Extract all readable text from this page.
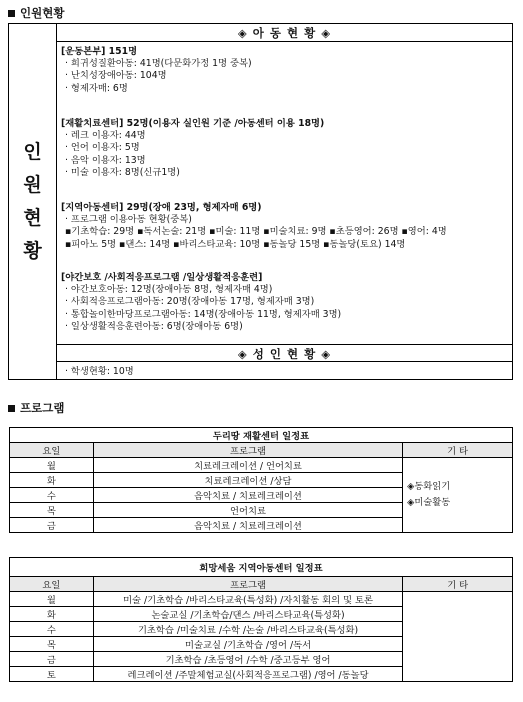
인원현황
인
원
현
황
◈ 아 동 현 황 ◈
[운동본부] 151명
· 희귀성질환아동: 41명(다문화가정 1명 중복)
· 난치성장애아동: 104명
· 형제자매: 6명
[재활치료센터] 52명(이용자 실인원 기준 /아동센터 이용 18명)
· 레크 이용자: 44명
· 언어 이용자: 5명
· 음악 이용자: 13명
· 미술 이용자: 8명(신규1명)
[지역아동센터] 29명(장애 23명, 형제자매 6명)
· 프로그램 이용아동 현황(중복)
▪기초학습: 29명 ▪독서논술: 21명 ▪미술: 11명 ▪미술치료: 9명 ▪초등영어: 26명 ▪영어: 4명
▪피아노 5명 ▪댄스: 14명 ▪바리스타교육: 10명 ▪동놀당 15명 ▪동놀당(토요) 14명
[야간보호 /사회적응프로그램 /일상생활적응훈련]
· 야간보호아동: 12명(장애아동 8명, 형제자매 4명)
· 사회적응프로그램아동: 20명(장애아동 17명, 형제자매 3명)
· 통합놀이한마당프로그램아동: 14명(장애아동 11명, 형제자매 3명)
· 일상생활적응훈련아동: 6명(장애아동 6명)
◈ 성 인 현 황 ◈
· 학생현황: 10명
프로그램
두리땅 재활센터 일정표		
요일	프로그램	기 타
월	치료레크레이션 / 언어치료	◈동화읽기
◈미술활동

화	치료레크레이션 /상담	
수	음악치료 / 치료레크레이션	
목	언어치료	
금	음악치료 / 치료레크레이션	
희망세움 지역아동센터 일정표		
요일	프로그램	기 타
월	미술 /기초학습 /바리스타교육(특성화) /자치활동 회의 및 토론	
화	논술교실 /기초학습/댄스 /바리스타교육(특성화)	
수	기초학습 /미술치료 /수학 /논술 /바리스타교육(특성화)	
목	미술교실 /기초학습 /영어 /독서	
금	기초학습 /초등영어 /수학 /중고등부 영어	
토	레크레이션 /주말체험교실(사회적응프로그램) /영어 /동놀당	
